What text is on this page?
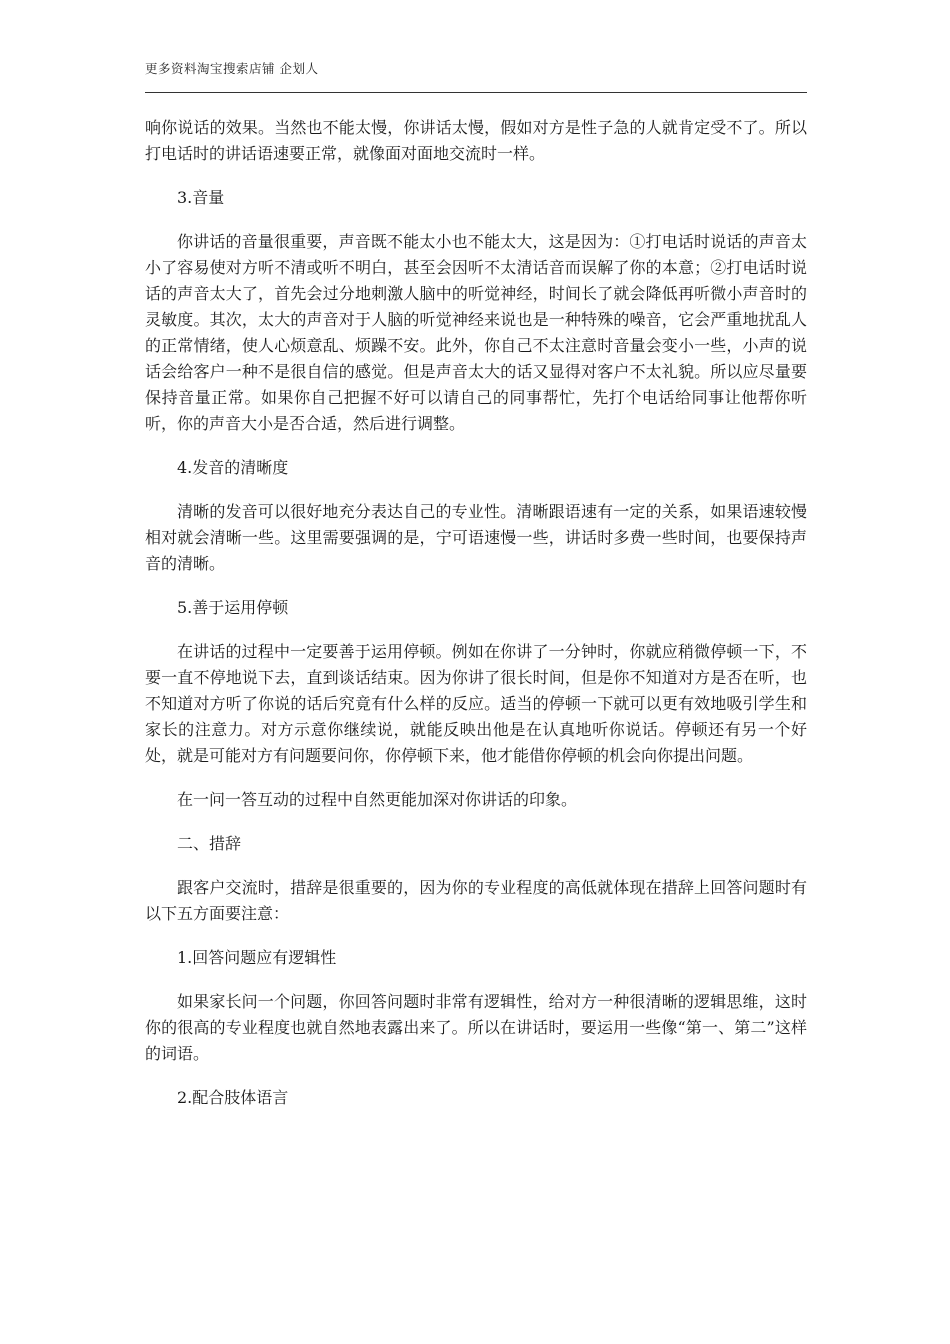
更多资料淘宝搜索店铺 企划人

响你说话的效果。当然也不能太慢，你讲话太慢，假如对方是性子急的人就肯定受不了。所以打电话时的讲话语速要正常，就像面对面地交流时一样。

3.音量

你讲话的音量很重要，声音既不能太小也不能太大，这是因为：①打电话时说话的声音太小了容易使对方听不清或听不明白，甚至会因听不太清话音而误解了你的本意；②打电话时说话的声音太大了，首先会过分地刺激人脑中的听觉神经，时间长了就会降低再听微小声音时的灵敏度。其次，太大的声音对于人脑的听觉神经来说也是一种特殊的噪音，它会严重地扰乱人的正常情绪，使人心烦意乱、烦躁不安。此外，你自己不太注意时音量会变小一些，小声的说话会给客户一种不是很自信的感觉。但是声音太大的话又显得对客户不太礼貌。所以应尽量要保持音量正常。如果你自己把握不好可以请自己的同事帮忙，先打个电话给同事让他帮你听听，你的声音大小是否合适，然后进行调整。

4.发音的清晰度

清晰的发音可以很好地充分表达自己的专业性。清晰跟语速有一定的关系，如果语速较慢相对就会清晰一些。这里需要强调的是，宁可语速慢一些，讲话时多费一些时间，也要保持声音的清晰。

5.善于运用停顿

在讲话的过程中一定要善于运用停顿。例如在你讲了一分钟时，你就应稍微停顿一下，不要一直不停地说下去，直到谈话结束。因为你讲了很长时间，但是你不知道对方是否在听，也不知道对方听了你说的话后究竟有什么样的反应。适当的停顿一下就可以更有效地吸引学生和家长的注意力。对方示意你继续说，就能反映出他是在认真地听你说话。停顿还有另一个好处，就是可能对方有问题要问你，你停顿下来，他才能借你停顿的机会向你提出问题。

在一问一答互动的过程中自然更能加深对你讲话的印象。

二、措辞

跟客户交流时，措辞是很重要的，因为你的专业程度的高低就体现在措辞上回答问题时有以下五方面要注意：

1.回答问题应有逻辑性

如果家长问一个问题，你回答问题时非常有逻辑性，给对方一种很清晰的逻辑思维，这时你的很高的专业程度也就自然地表露出来了。所以在讲话时，要运用一些像“第一、第二”这样的词语。

2.配合肢体语言
